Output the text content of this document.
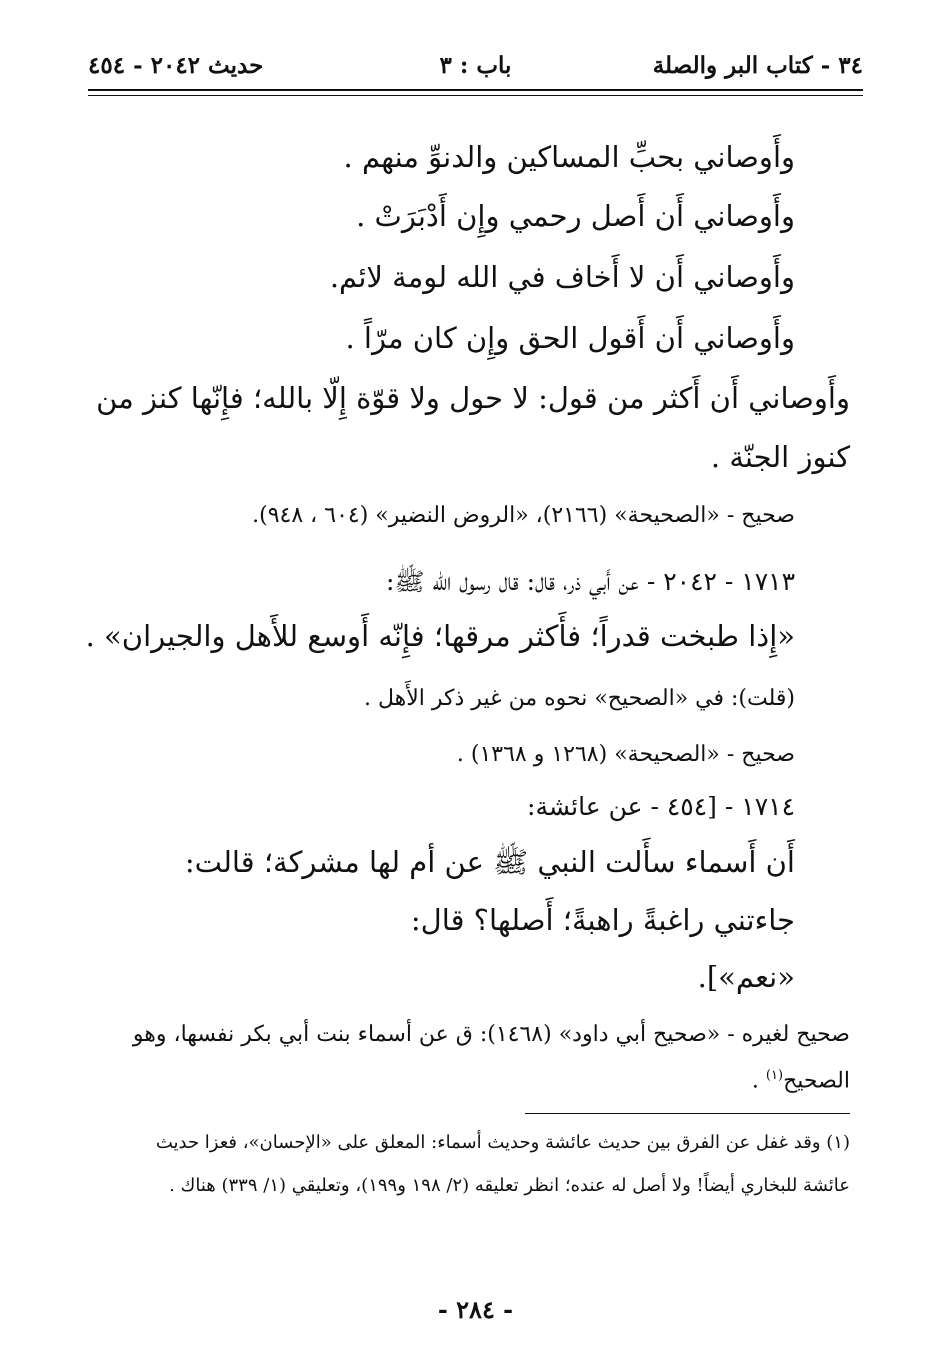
٣٤ - كتاب البر والصلة
باب : ٣
حديث ٢٠٤٢ - ٤٥٤
وأَوصاني بحبِّ المساكين والدنوِّ منهم .
وأَوصاني أَن أَصل رحمي وإِن أَدْبَرَتْ .
وأَوصاني أَن لا أَخاف في الله لومة لائم.
وأَوصاني أَن أَقول الحق وإِن كان مرّاً .
وأَوصاني أَن أَكثر من قول: لا حول ولا قوّة إِلّا بالله؛ فإِنّها كنز من
كنوز الجنّة .
صحيح - «الصحيحة» (٢١٦٦)، «الروض النضير» (٦٠٤ ، ٩٤٨).
١٧١٣ - ٢٠٤٢ - عن أَبي ذر، قال: قال رسول الله ﷺ:
«إِذا طبخت قدراً؛ فأَكثر مرقها؛ فإِنّه أَوسع للأَهل والجيران» .
(قلت): في «الصحيح» نحوه من غير ذكر الأَهل .
صحيح - «الصحيحة» (١٢٦٨ و ١٣٦٨) .
١٧١٤ - [٤٥٤ - عن عائشة:
أَن أَسماء سأَلت النبي ﷺ عن أم لها مشركة؛ قالت:
جاءتني راغبةً راهبةً؛ أَصلها؟ قال:
«نعم»].
صحيح لغيره - «صحيح أبي داود» (١٤٦٨): ق عن أسماء بنت أبي بكر نفسها، وهو
الصحيح$^{(١)}$ .
(١) وقد غفل عن الفرق بين حديث عائشة وحديث أسماء: المعلق على «الإحسان»، فعزا حديث
عائشة للبخاري أيضاً! ولا أصل له عنده؛ انظر تعليقه (٢/ ١٩٨ و١٩٩)، وتعليقي (١/ ٣٣٩) هناك .
- ٢٨٤ -
